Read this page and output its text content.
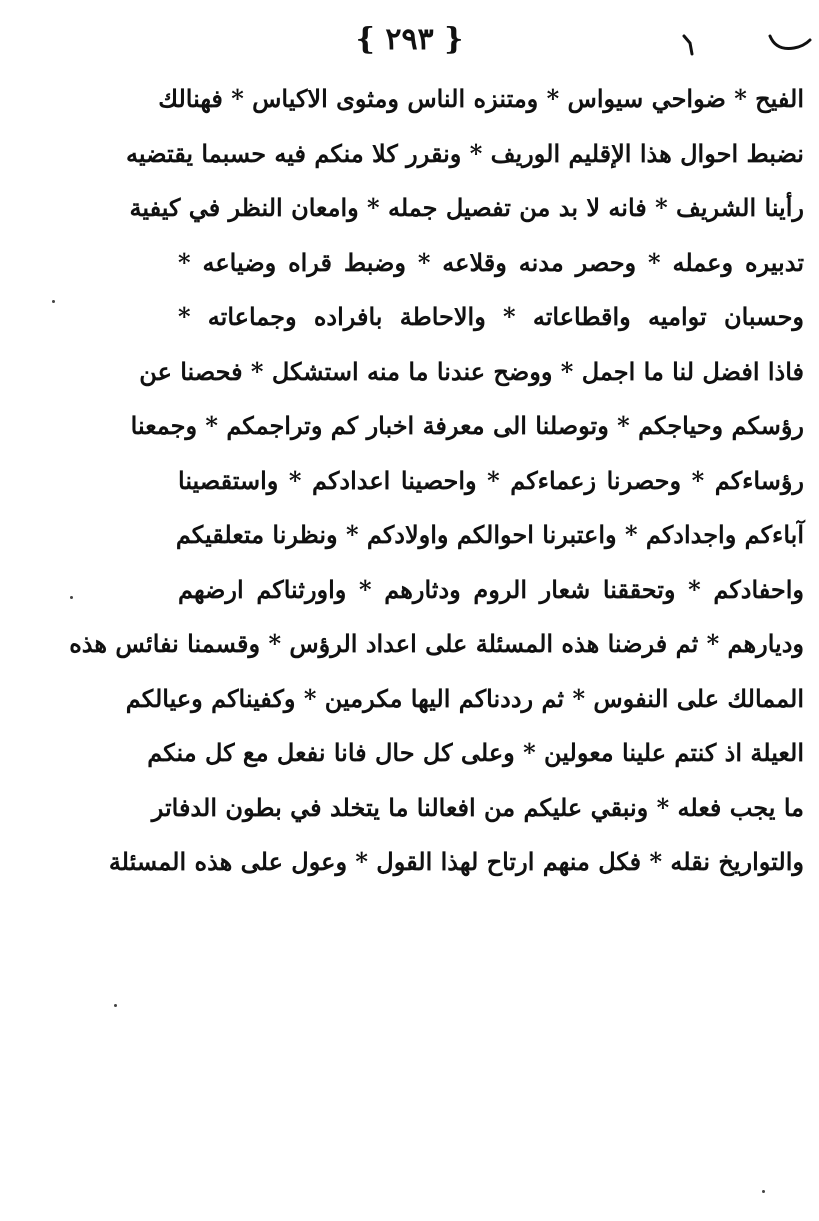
{ ٢٩٣ }
الفيح * ضواحي سيواس * ومتنزه الناس ومثوى الاكياس * فهنالك
نضبط احوال هذا الإقليم الوريف * ونقرر كلا منكم فيه حسبما يقتضيه
رأينا الشريف * فانه لا بد من تفصيل جمله * وامعان النظر في كيفية
تدبيره وعمله * وحصر مدنه وقلاعه * وضبط قراه وضياعه *
وحسبان تواميه واقطاعاته * والاحاطة بافراده وجماعاته *
فاذا افضل لنا ما اجمل * ووضح عندنا ما منه استشكل * فحصنا عن
رؤسكم وحياجكم * وتوصلنا الى معرفة اخبار كم وتراجمكم * وجمعنا
رؤساءكم * وحصرنا زعماءكم * واحصينا اعدادكم * واستقصينا
آباءكم واجدادكم * واعتبرنا احوالكم واولادكم * ونظرنا متعلقيكم
واحفادكم * وتحققنا شعار الروم ودثارهم * واورثناكم ارضهم
وديارهم * ثم فرضنا هذه المسئلة على اعداد الرؤس * وقسمنا نفائس هذه
الممالك على النفوس * ثم رددناكم اليها مكرمين * وكفيناكم وعيالكم
العيلة اذ كنتم علينا معولين * وعلى كل حال فانا نفعل مع كل منكم
ما يجب فعله * ونبقي عليكم من افعالنا ما يتخلد في بطون الدفاتر
والتواريخ نقله * فكل منهم ارتاح لهذا القول * وعول على هذه المسئلة
